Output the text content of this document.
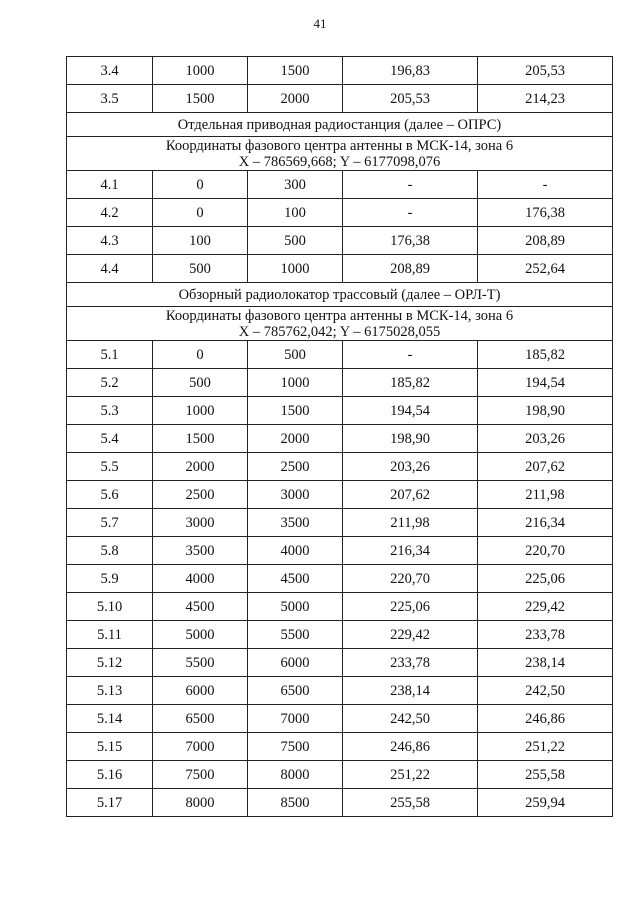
41
3.4	1000	1500	196,83	205,53
3.5	1500	2000	205,53	214,23
Отдельная приводная радиостанция (далее – ОПРС)				

Координаты фазового центра антенны в МСК-14, зона 6
X – 786569,668; Y – 6177098,076				

4.1	0	300	-	-
4.2	0	100	-	176,38
4.3	100	500	176,38	208,89
4.4	500	1000	208,89	252,64
Обзорный радиолокатор трассовый (далее – ОРЛ-Т)				

Координаты фазового центра антенны в МСК-14, зона 6
X – 785762,042; Y – 6175028,055				

5.1	0	500	-	185,82
5.2	500	1000	185,82	194,54
5.3	1000	1500	194,54	198,90
5.4	1500	2000	198,90	203,26
5.5	2000	2500	203,26	207,62
5.6	2500	3000	207,62	211,98
5.7	3000	3500	211,98	216,34
5.8	3500	4000	216,34	220,70
5.9	4000	4500	220,70	225,06
5.10	4500	5000	225,06	229,42
5.11	5000	5500	229,42	233,78
5.12	5500	6000	233,78	238,14
5.13	6000	6500	238,14	242,50
5.14	6500	7000	242,50	246,86
5.15	7000	7500	246,86	251,22
5.16	7500	8000	251,22	255,58
5.17	8000	8500	255,58	259,94
